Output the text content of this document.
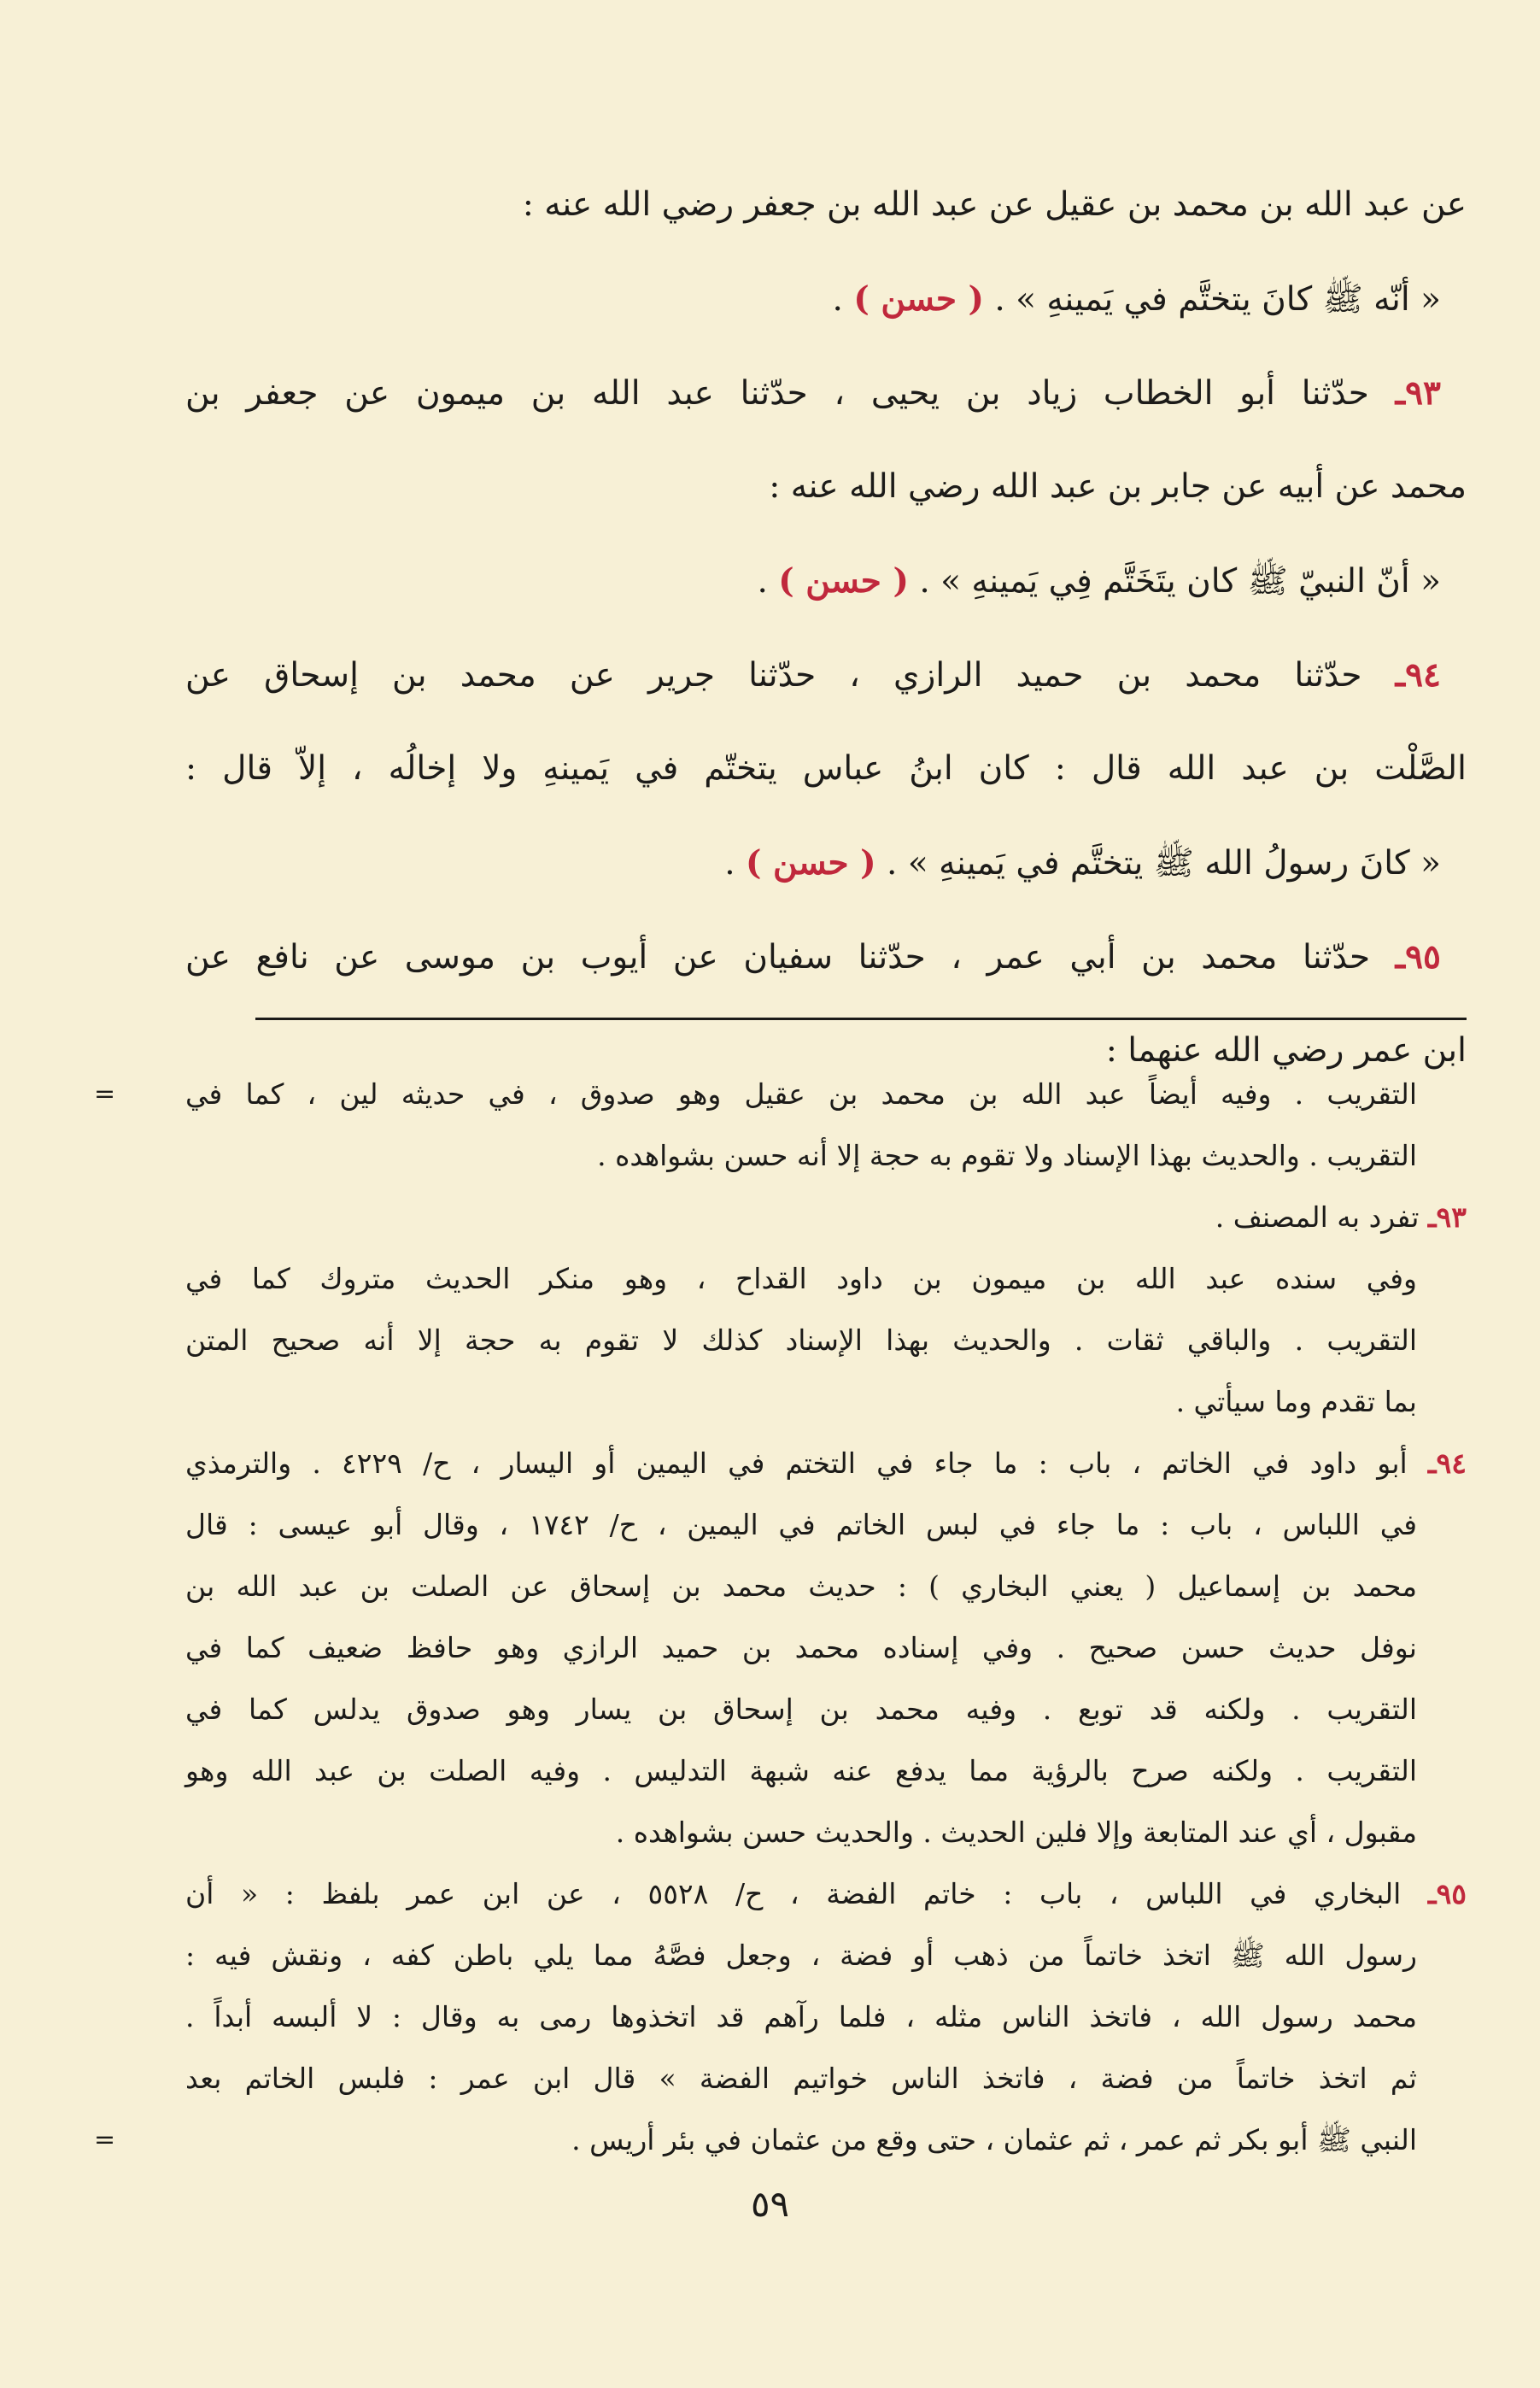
عن عبد الله بن محمد بن عقيل عن عبد الله بن جعفر رضي الله عنه :
« أنّه ﷺ كانَ يتختَّم في يَمينهِ » . ( حسن ) .
٩٣ـ حدّثنا أبو الخطاب زياد بن يحيى ، حدّثنا عبد الله بن ميمون عن جعفر بن
محمد عن أبيه عن جابر بن عبد الله رضي الله عنه :
« أنّ النبيّ ﷺ كان يتَخَتَّم فِي يَمينهِ » . ( حسن ) .
٩٤ـ حدّثنا محمد بن حميد الرازي ، حدّثنا جرير عن محمد بن إسحاق عن
الصَّلْت بن عبد الله قال : كان ابنُ عباس يتختّم في يَمينهِ ولا إخالُه ، إلاّ قال :
« كانَ رسولُ الله ﷺ يتختَّم في يَمينهِ » . ( حسن ) .
٩٥ـ حدّثنا محمد بن أبي عمر ، حدّثنا سفيان عن أيوب بن موسى عن نافع عن
ابن عمر رضي الله عنهما :
التقريب . وفيه أيضاً عبد الله بن محمد بن عقيل وهو صدوق ، في حديثه لين ، كما في
التقريب . والحديث بهذا الإسناد ولا تقوم به حجة إلا أنه حسن بشواهده .
٩٣ـ تفرد به المصنف .
وفي سنده عبد الله بن ميمون بن داود القداح ، وهو منكر الحديث متروك كما في
التقريب . والباقي ثقات . والحديث بهذا الإسناد كذلك لا تقوم به حجة إلا أنه صحيح المتن
بما تقدم وما سيأتي .
٩٤ـ أبو داود في الخاتم ، باب : ما جاء في التختم في اليمين أو اليسار ، ح/ ٤٢٢٩ . والترمذي
في اللباس ، باب : ما جاء في لبس الخاتم في اليمين ، ح/ ١٧٤٢ ، وقال أبو عيسى : قال
محمد بن إسماعيل ( يعني البخاري ) : حديث محمد بن إسحاق عن الصلت بن عبد الله بن
نوفل حديث حسن صحيح . وفي إسناده محمد بن حميد الرازي وهو حافظ ضعيف كما في
التقريب . ولكنه قد توبع . وفيه محمد بن إسحاق بن يسار وهو صدوق يدلس كما في
التقريب . ولكنه صرح بالرؤية مما يدفع عنه شبهة التدليس . وفيه الصلت بن عبد الله وهو
مقبول ، أي عند المتابعة وإلا فلين الحديث . والحديث حسن بشواهده .
٩٥ـ البخاري في اللباس ، باب : خاتم الفضة ، ح/ ٥٥٢٨ ، عن ابن عمر بلفظ : « أن
رسول الله ﷺ اتخذ خاتماً من ذهب أو فضة ، وجعل فصَّهُ مما يلي باطن كفه ، ونقش فيه :
محمد رسول الله ، فاتخذ الناس مثله ، فلما رآهم قد اتخذوها رمى به وقال : لا ألبسه أبداً .
ثم اتخذ خاتماً من فضة ، فاتخذ الناس خواتيم الفضة » قال ابن عمر : فلبس الخاتم بعد
النبي ﷺ أبو بكر ثم عمر ، ثم عثمان ، حتى وقع من عثمان في بئر أريس .
٥٩
=
=
